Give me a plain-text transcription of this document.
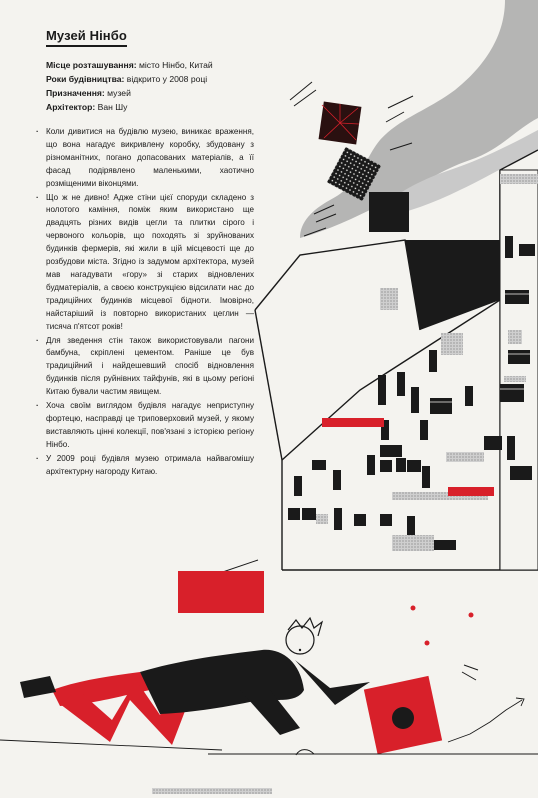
Музей Нінбо
Місце розташування: місто Нінбо, Китай
Роки будівництва: відкрито у 2008 році
Призначення: музей
Архітектор: Ван Шу
· Коли дивитися на будівлю музею, виникає враження, що вона нагадує викривлену коробку, збудовану з різноманітних, погано допасованих матеріалів, а її фасад подірявлено маленькими, хаотично розміщеними віконцями.
· Що ж не дивно! Адже стіни цієї споруди складено з нолотого каміння, поміж яким використано ще двадцять різних видів цегли та плитки сірого і червоного кольорів, що походять зі зруйнованих будинків фермерів, які жили в цій місцевості ще до розбудови міста. Згідно із задумом архітектора, музей мав нагадувати «гору» зі старих відновлених будматеріалів, а своєю конструкцією відсилати нас до традиційних будинків місцевої бідноти. Імовірно, найстаріший із повторно використаних цеглин — тисяча п'ятсот років!
· Для зведення стін також використовували пагони бамбуна, скріплені цементом. Раніше це був традиційний і найдешевший спосіб відновлення будинків після руйнівних тайфунів, які в цьому регіоні Китаю бували частим явищем.
· Хоча своїм виглядом будівля нагадує неприступну фортецю, насправді це триповерховий музей, у якому виставляють цінні колекції, пов'язані з історією регіону Нінбо.
· У 2009 році будівля музею отримала найвагомішу архітектурну нагороду Китаю.
